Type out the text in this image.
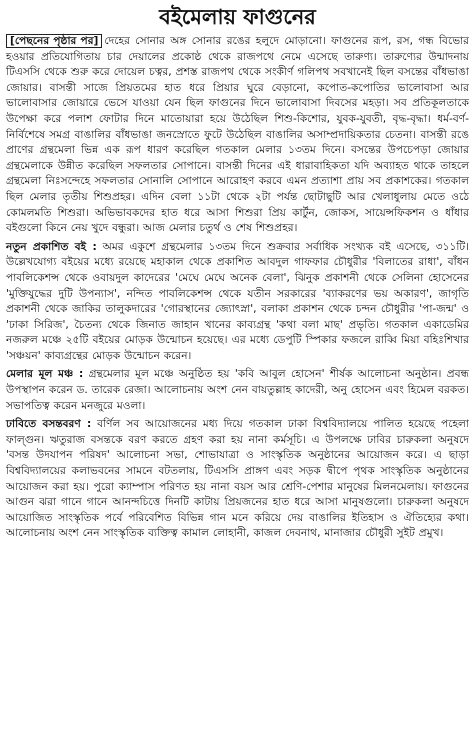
বইমেলায় ফাগুনের

[পেছনের পৃষ্ঠার পর] দেহের সোনার অঙ্গ সোনার রঙের হলুদে মোড়ানো। ফাগুনের রূপ, রস, গন্ধ বিভোর হওয়ার প্রতিযোগিতায় চার দেয়ালের প্রকোষ্ঠ থেকে রাজপথে নেমে এসেছে তারুণ্য। তারুণ্যের উন্মাদনায় টিএসসি থেকে শুরু করে দোয়েল চত্বর, প্রশস্ত রাজপথ থেকে সংকীর্ণ গলিপথ সবখানেই ছিল বসন্তের বাঁধভাঙা জোয়ার। বাসন্তী সাজে প্রিয়তমের হাত ধরে প্রিয়ার ঘুরে বেড়ানো, কপোত-কপোতির ভালোবাসা আর ভালোবাসার জোয়ারে ভেসে যাওয়া যেন ছিল ফাগুনের দিনে ভালোবাসা দিবসের মহড়া। সব প্রতিকূলতাকে উপেক্ষা করে পলাশ ফোটার দিনে মাতোয়ারা হয়ে উঠেছিল শিশু-কিশোর, যুবক-যুবতী, বৃদ্ধ-বৃদ্ধা। ধর্ম-বর্ণ-নির্বিশেষে সমগ্র বাঙালির বাঁধভাঙা জনস্রোতে ফুটে উঠেছিল বাঙালির অসাম্প্রদায়িকতার চেতনা। বাসন্তী রঙে প্রাণের গ্রন্থমেলা ভিন্ন এক রূপ ধারণ করেছিল গতকাল মেলার ১৩তম দিনে। বসন্তের উপচেপড়া জোয়ার গ্রন্থমেলাকে উন্নীত করেছিল সফলতার সোপানে। বাসন্তী দিনের এই ধারাবাহিকতা যদি অব্যাহত থাকে তাহলে গ্রন্থমেলা নিঃসন্দেহে সফলতার সোনালি সোপানে আরোহণ করবে এমন প্রত্যাশা প্রায় সব প্রকাশকের। গতকাল ছিল মেলার তৃতীয় শিশুপ্রহর। এদিন বেলা ১১টা থেকে ২টা পর্যন্ত ছোটাছুটি আর খেলাধুলায় মেতে ওঠে কোমলমতি শিশুরা। অভিভাবকদের হাত ধরে আসা শিশুরা প্রিয় কার্টুন, জোকস, সায়েন্সফিকশন ও ধাঁধার বইগুলো কিনে নেয় খুদে বন্ধুরা। আজ মেলার চতুর্থ ও শেষ শিশুপ্রহর।

নতুন প্রকাশিত বই : অমর একুশে গ্রন্থমেলার ১৩তম দিনে শুক্রবার সর্বাধিক সংখ্যক বই এসেছে, ৩১১টি। উল্লেখযোগ্য বইয়ের মধ্যে রয়েছে মহাকাল থেকে প্রকাশিত আবদুল গাফফার চৌধুরীর 'বিলাতের রাধা', বাঁধন পাবলিকেশন্স থেকে ওবায়দুল কাদেরের 'মেঘে মেঘে অনেক বেলা', ঝিনুক প্রকাশনী থেকে সেলিনা হোসেনের 'মুক্তিযুদ্ধের দুটি উপন্যাস', নন্দিত পাবলিকেশন্স থেকে যতীন সরকারের 'ব্যাকরণের ভয় অকারণ', জাগৃতি প্রকাশনী থেকে জাকির তালুকদারের 'গোরস্থানের জ্যোৎস্না', বলাকা প্রকাশন থেকে চন্দন চৌধুরীর 'পা-জন্ম' ও 'ঢাকা সিরিজ', চৈতন্য থেকে জিনাত জাহান খানের কাব্যগ্রন্থ 'কথা বলা মাছ' প্রভৃতি। গতকাল একাডেমির নজরুল মঞ্চে ২৫টি বইয়ের মোড়ক উন্মোচন হয়েছে। এর মধ্যে ডেপুটি স্পিকার ফজলে রাব্বি মিয়া বহিঃশিখার 'সঞ্চয়ন' কাব্যগ্রন্থের মোড়ক উন্মোচন করেন।

মেলার মূল মঞ্চ : গ্রন্থমেলার মূল মঞ্চে অনুষ্ঠিত হয় 'কবি আবুল হোসেন' শীর্ষক আলোচনা অনুষ্ঠান। প্রবন্ধ উপস্থাপন করেন ড. তারেক রেজা। আলোচনায় অংশ নেন বায়তুল্লাহ কাদেরী, অনু হোসেন এবং হিমেল বরকত। সভাপতিত্ব করেন মনজুরে মওলা।

ঢাবিতে বসন্তবরণ : বর্ণিল সব আয়োজনের মধ্য দিয়ে গতকাল ঢাকা বিশ্ববিদ্যালয়ে পালিত হয়েছে পহেলা ফাল্গুন। ঋতুরাজ বসন্তকে বরণ করতে গ্রহণ করা হয় নানা কর্মসূচি। এ উপলক্ষে ঢাবির চারুকলা অনুষদে 'বসন্ত উদযাপন পরিষদ' আলোচনা সভা, শোভাযাত্রা ও সাংস্কৃতিক অনুষ্ঠানের আয়োজন করে। এ ছাড়া বিশ্ববিদ্যালয়ের কলাভবনের সামনে বটতলায়, টিএসসি প্রাঙ্গণ এবং সড়ক দ্বীপে পৃথক সাংস্কৃতিক অনুষ্ঠানের আয়োজন করা হয়। পুরো ক্যাম্পাস পরিণত হয় নানা বয়স আর শ্রেণি-পেশার মানুষের মিলনমেলায়। ফাগুনের আগুন ঝরা গানে গানে আনন্দচিত্তে দিনটি কাটায় প্রিয়জনের হাত ধরে আসা মানুষগুলো। চারুকলা অনুষদে আয়োজিত সাংস্কৃতিক পর্বে পরিবেশিত বিভিন্ন গান মনে করিয়ে দেয় বাঙালির ইতিহাস ও ঐতিহ্যের কথা। আলোচনায় অংশ নেন সাংস্কৃতিক ব্যক্তিত্ব কামাল লোহানী, কাজল দেবনাথ, মানাজার চৌধুরী সুইট প্রমুখ।
